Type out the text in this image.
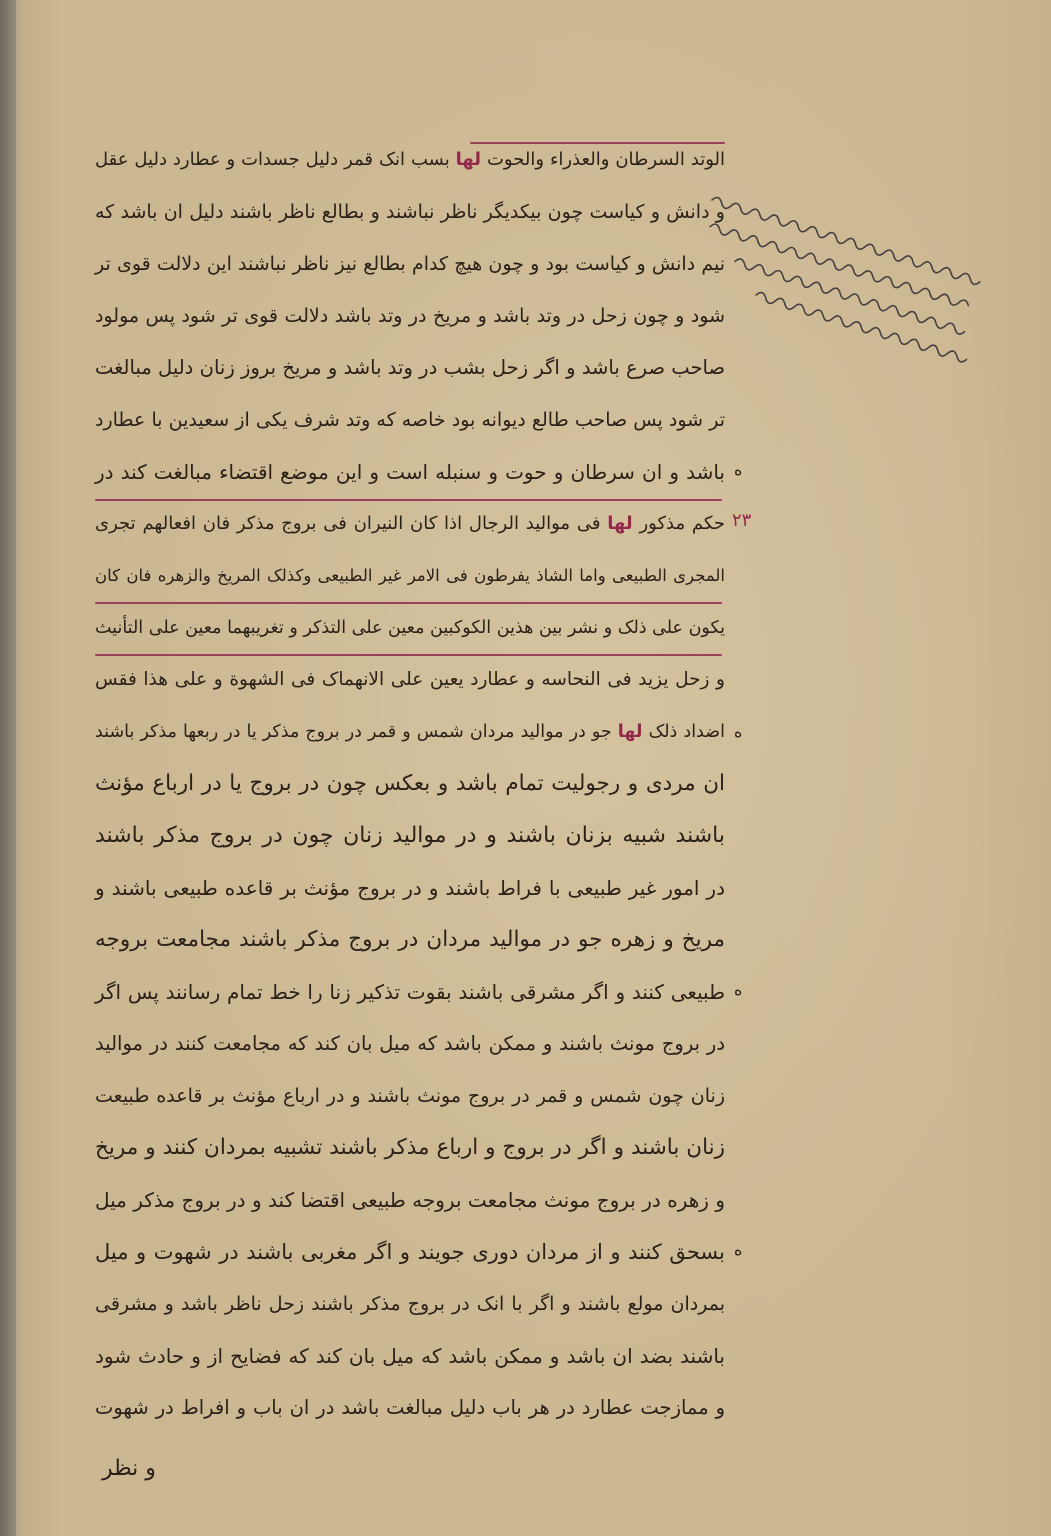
الوتد السرطان والعذراء والحوت لها بسب انک قمر دلیل جسدات و عطارد دلیل عقل
و دانش و کیاست چون بیکدیگر ناظر نباشند و بطالع ناظر باشند دلیل ان باشد که
نیم دانش و کیاست بود و چون هیچ کدام بطالع نیز ناظر نباشند این دلالت قوی تر
شود و چون زحل در وتد باشد و مریخ در وتد باشد دلالت قوی تر شود پس مولود
صاحب صرع باشد و اگر زحل بشب در وتد باشد و مریخ بروز زنان دلیل مبالغت
تر شود پس صاحب طالع دیوانه بود خاصه که وتد شرف یکی از سعیدین با عطارد
باشد و ان سرطان و حوت و سنبله است و این موضع اقتضاء مبالغت کند در
حکم مذکور لها فی موالید الرجال اذا کان النیران فی بروج مذکر فان افعالهم تجری
المجری الطبیعی واما الشاذ یفرطون فی الامر غیر الطبیعی وکذلک المریخ والزهره فان کان
یکون علی ذلک و نشر بین هذین الکوکبین معین علی التذکر و تغریبهما معین علی التأنیث
و زحل یزید فی النحاسه و عطارد یعین علی الانهماک فی الشهوة و علی هذا فقس
اضداد ذلک لها جو در موالید مردان شمس و قمر در بروج مذکر یا در ربعها مذکر باشند
ان مردی و رجولیت تمام باشد و بعکس چون در بروج یا در ارباع مؤنث
باشند شبیه بزنان باشند و در موالید زنان چون در بروج مذکر باشند
در امور غیر طبیعی با فراط باشند و در بروج مؤنث بر قاعده طبیعی باشند و
مریخ و زهره جو در موالید مردان در بروج مذکر باشند مجامعت بروجه
طبیعی کنند و اگر مشرقی باشند بقوت تذکیر زنا را خط تمام رسانند پس اگر
در بروج مونث باشند و ممکن باشد که میل بان کند که مجامعت کنند در موالید
زنان چون شمس و قمر در بروج مونث باشند و در ارباع مؤنث بر قاعده طبیعت
زنان باشند و اگر در بروج و ارباع مذکر باشند تشبیه بمردان کنند و مریخ
و زهره در بروج مونث مجامعت بروجه طبیعی اقتضا کند و در بروج مذکر میل
بسحق کنند و از مردان دوری جویند و اگر مغربی باشند در شهوت و میل
بمردان مولع باشند و اگر با انک در بروج مذکر باشند زحل ناظر باشد و مشرقی
باشند بضد ان باشد و ممکن باشد که میل بان کند که فضایح از و حادث شود
و ممازجت عطارد در هر باب دلیل مبالغت باشد در ان باب و افراط در شهوت
ه
۲۳
ه
ه
ه
و نظر
